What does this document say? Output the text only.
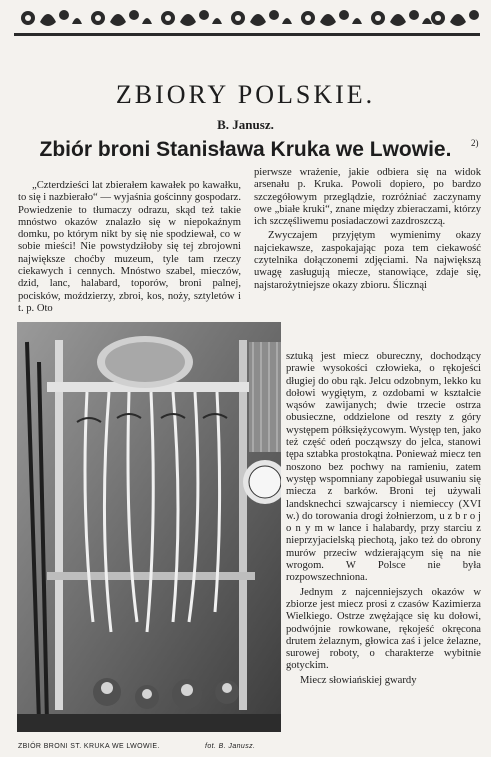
ZBIORY POLSKIE.
B. Janusz.
Zbiór broni Stanisława Kruka we Lwowie.	2)

„Czterdzieści lat zbierałem kawałek po kawałku, to się i nazbierało“ — wyjaśnia gościnny gospodarz. Powiedzenie to tłumaczy odrazu, skąd też takie mnóstwo okazów znalazło się w niepokaźnym domku, po którym nikt by się nie spodziewał, co w sobie mieści! Nie powstydziłoby się tej zbrojowni największe choćby muzeum, tyle tam rzeczy ciekawych i cennych. Mnóstwo szabel, mieczów, dzid, lanc, halabard, toporów, broni palnej, pocisków, moździerzy, zbroi, kos, noży, sztyletów i t. p. Oto

pierwsze wrażenie, jakie odbiera się na widok arsenału p. Kruka. Powoli dopiero, po bardzo szczegółowym przeglądzie, rozróżniać zaczynamy owe „białe kruki“, znane między zbieraczami, którzy ich szczęśliwemu posiadaczowi zazdroszczą.

Zwyczajem przyjętym wymienimy okazy najciekawsze, zaspokajając poza tem ciekawość czytelnika dołączonemi zdjęciami. Na największą uwagę zasługują miecze, stanowiące, zdaje się, najstarożytniejsze okazy zbioru. Ślicznąi

sztuką jest miecz obureczny, dochodzący prawie wysokości człowieka, o rękojeści długiej do obu rąk. Jelcu odzobnym, lekko ku dołowi wygiętym, z ozdobami w kształcie wąsów zawijanych; dwie trzecie ostrza obusieczne, oddzielone od reszty z góry występem półksiężycowym. Występ ten, jako też część odeń począwszy do jelca, stanowi tępa sztabka prostokątna. Ponieważ miecz ten noszono bez pochwy na ramieniu, zatem występ wspomniany zapobiegał usuwaniu się miecza z barków. Broni tej używali landsknechci szwajcarscy i niemieccy (XVI w.) do torowania drogi żołnierzom, u z b r o j o n y m w lance i halabardy, przy starciu z nieprzyjacielską piechotą, jako też do obrony murów przeciw wdzierającym się na nie wrogom. W Polsce nie była rozpowszechniona.

Jednym z najcenniejszych okazów w zbiorze jest miecz prosi z czasów Kazimierza Wielkiego. Ostrze zwężające się ku dołowi, podwójnie rowkowane, rękojeść okręcona drutem żelaznym, głowica zaś i jelce żelazne, surowej roboty, o charakterze wybitnie gotyckim.

Miecz słowiańskiej gwardy

ZBIÓR BRONI ST. KRUKA WE LWOWIE.	fot. B. Janusz.
